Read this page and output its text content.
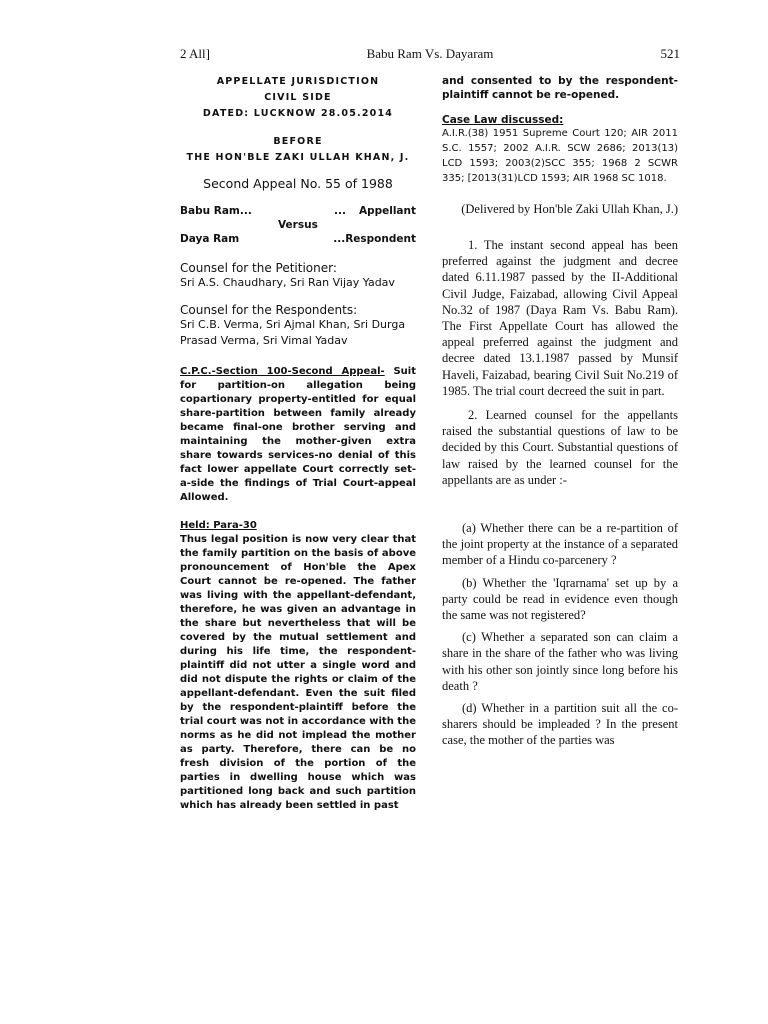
2 All]	Babu Ram Vs. Dayaram	521
APPELLATE JURISDICTION
CIVIL SIDE
DATED: LUCKNOW 28.05.2014
BEFORE
THE HON'BLE ZAKI ULLAH KHAN, J.
Second Appeal No. 55 of 1988
Babu Ram...	... Appellant
Versus
Daya Ram	...Respondent
Counsel for the Petitioner:
Sri A.S. Chaudhary, Sri Ran Vijay Yadav
Counsel for the Respondents:
Sri C.B. Verma, Sri Ajmal Khan, Sri Durga Prasad Verma, Sri Vimal Yadav
C.P.C.-Section 100-Second Appeal- Suit for partition-on allegation being copartionary property-entitled for equal share-partition between family already became final-one brother serving and maintaining the mother-given extra share towards services-no denial of this fact lower appellate Court correctly set-a-side the findings of Trial Court-appeal Allowed.
Held: Para-30
Thus legal position is now very clear that the family partition on the basis of above pronouncement of Hon'ble the Apex Court cannot be re-opened. The father was living with the appellant-defendant, therefore, he was given an advantage in the share but nevertheless that will be covered by the mutual settlement and during his life time, the respondent-plaintiff did not utter a single word and did not dispute the rights or claim of the appellant-defendant. Even the suit filed by the respondent-plaintiff before the trial court was not in accordance with the norms as he did not implead the mother as party. Therefore, there can be no fresh division of the portion of the parties in dwelling house which was partitioned long back and such partition which has already been settled in past
and consented to by the respondent-plaintiff cannot be re-opened.
Case Law discussed:
A.I.R.(38) 1951 Supreme Court 120; AIR 2011 S.C. 1557; 2002 A.I.R. SCW 2686; 2013(13) LCD 1593; 2003(2)SCC 355; 1968 2 SCWR 335; [2013(31)LCD 1593; AIR 1968 SC 1018.
(Delivered by Hon'ble Zaki Ullah Khan, J.)

1. The instant second appeal has been preferred against the judgment and decree dated 6.11.1987 passed by the II-Additional Civil Judge, Faizabad, allowing Civil Appeal No.32 of 1987 (Daya Ram Vs. Babu Ram). The First Appellate Court has allowed the appeal preferred against the judgment and decree dated 13.1.1987 passed by Munsif Haveli, Faizabad, bearing Civil Suit No.219 of 1985. The trial court decreed the suit in part.

2. Learned counsel for the appellants raised the substantial questions of law to be decided by this Court. Substantial questions of law raised by the learned counsel for the appellants are as under :-

(a) Whether there can be a re-partition of the joint property at the instance of a separated member of a Hindu co-parcenery ?

(b) Whether the 'Iqrarnama' set up by a party could be read in evidence even though the same was not registered?

(c) Whether a separated son can claim a share in the share of the father who was living with his other son jointly since long before his death ?

(d) Whether in a partition suit all the co-sharers should be impleaded ? In the present case, the mother of the parties was
